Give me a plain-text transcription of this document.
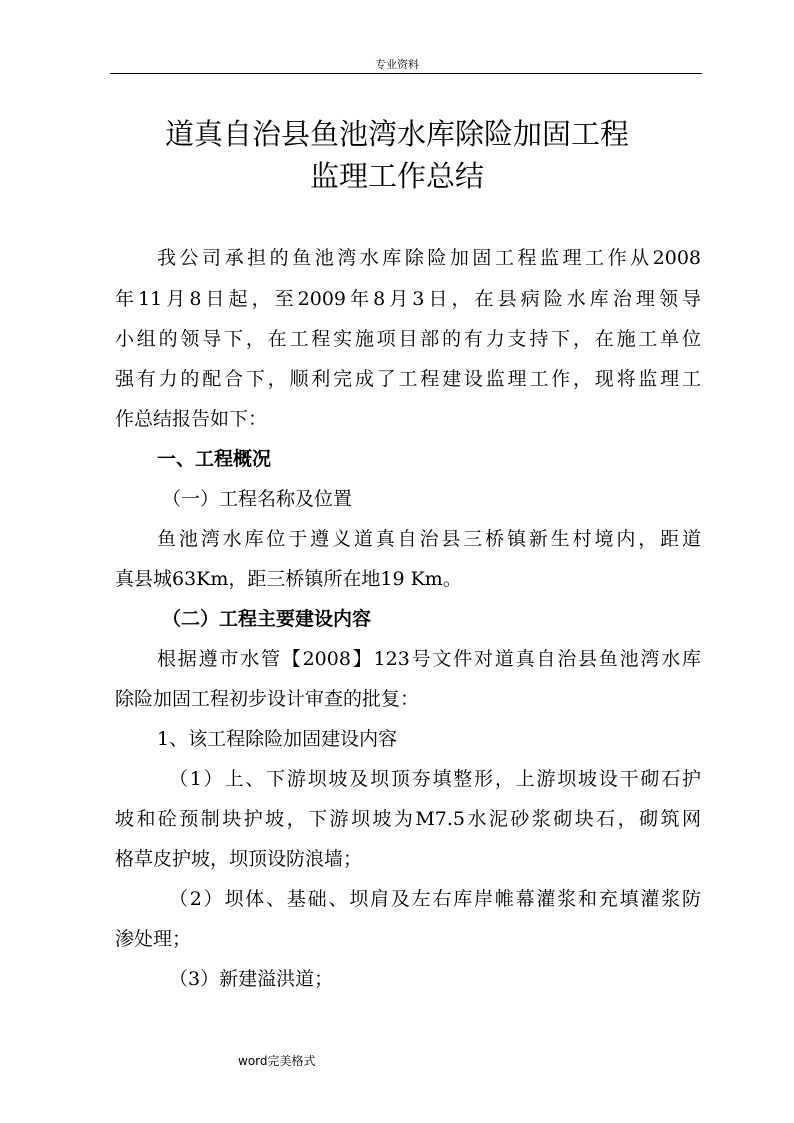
专业资料
道真自治县鱼池湾水库除险加固工程
监理工作总结
我公司承担的鱼池湾水库除险加固工程监理工作从2008
年11月8日起，至2009年8月3日，在县病险水库治理领导
小组的领导下，在工程实施项目部的有力支持下，在施工单位
强有力的配合下，顺利完成了工程建设监理工作，现将监理工
作总结报告如下：
一、工程概况
（一）工程名称及位置
鱼池湾水库位于遵义道真自治县三桥镇新生村境内，距道
真县城63Km，距三桥镇所在地19 Km。
（二）工程主要建设内容
根据遵市水管【2008】123号文件对道真自治县鱼池湾水库
除险加固工程初步设计审查的批复：
1、该工程除险加固建设内容
（1）上、下游坝坡及坝顶夯填整形，上游坝坡设干砌石护
坡和砼预制块护坡，下游坝坡为M7.5水泥砂浆砌块石，砌筑网
格草皮护坡，坝顶设防浪墙；
（2）坝体、基础、坝肩及左右库岸帷幕灌浆和充填灌浆防
渗处理；
（3）新建溢洪道；
word完美格式
